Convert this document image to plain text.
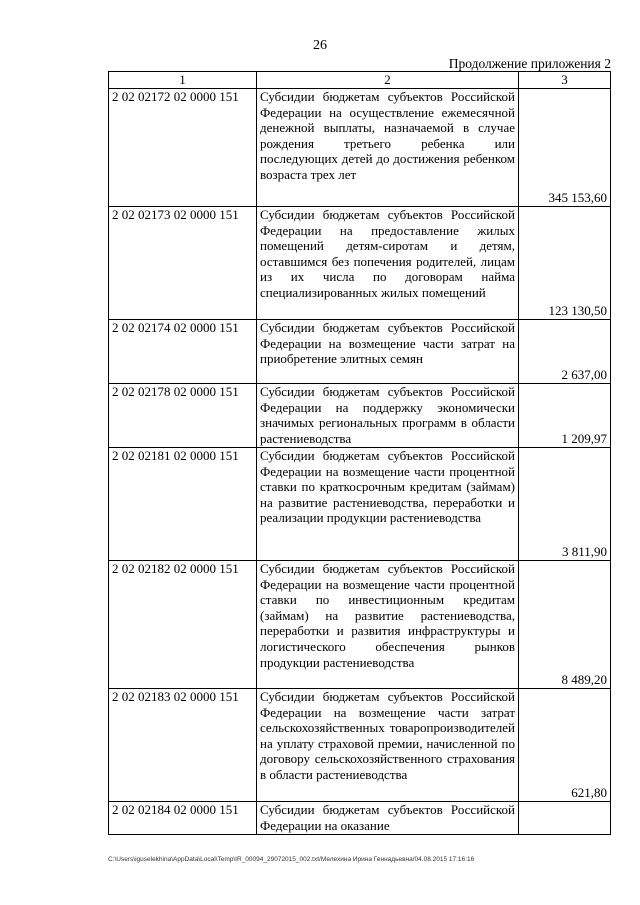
26
Продолжение приложения 2
1	2	3
2 02 02172 02 0000 151	Субсидии бюджетам субъектов Российской Федерации на осуществление ежемесячной денежной выплаты, назначаемой в случае рождения третьего ребенка или последующих детей до достижения ребенком возраста трех лет	345 153,60
2 02 02173 02 0000 151	Субсидии бюджетам субъектов Российской Федерации на предоставление жилых помещений детям-сиротам и детям, оставшимся без попечения родителей, лицам из их числа по договорам найма специализированных жилых помещений	123 130,50
2 02 02174 02 0000 151	Субсидии бюджетам субъектов Российской Федерации на возмещение части затрат на приобретение элитных семян	2 637,00
2 02 02178 02 0000 151	Субсидии бюджетам субъектов Российской Федерации на поддержку экономически значимых региональных программ в области растениеводства	1 209,97
2 02 02181 02 0000 151	Субсидии бюджетам субъектов Российской Федерации на возмещение части процентной ставки по краткосрочным кредитам (займам) на развитие растениеводства, переработки и реализации продукции растениеводства	3 811,90
2 02 02182 02 0000 151	Субсидии бюджетам субъектов Российской Федерации на возмещение части процентной ставки по инвестиционным кредитам (займам) на развитие растениеводства, переработки и развития инфраструктуры и логистического обеспечения рынков продукции растениеводства	8 489,20
2 02 02183 02 0000 151	Субсидии бюджетам субъектов Российской Федерации на возмещение части затрат сельскохозяйственных товаропроизводителей на уплату страховой премии, начисленной по договору сельскохозяйственного страхования в области растениеводства	621,80
2 02 02184 02 0000 151	Субсидии бюджетам субъектов Российской Федерации на оказание	
C:\Users\iguselekhina\AppData\Local\Temp\IR_00094_29072015_002.txt/Мелехина Ирина Геннадьевна/04.08.2015 17:16:16
